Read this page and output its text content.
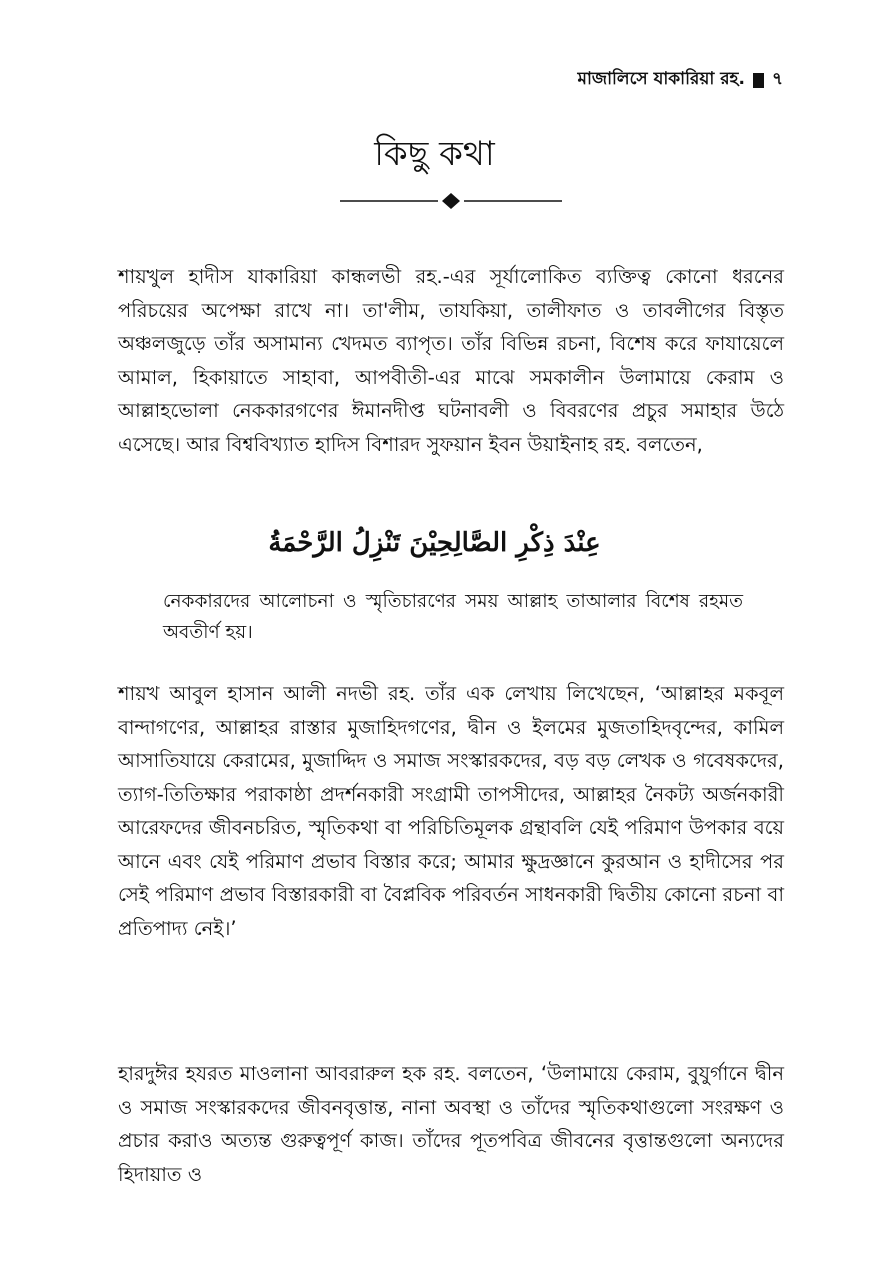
মাজালিসে যাকারিয়া রহ. ৭
কিছু কথা
শায়খুল হাদীস যাকারিয়া কান্ধলভী রহ.-এর সূর্যালোকিত ব্যক্তিত্ব কোনো ধরনের পরিচয়ের অপেক্ষা রাখে না। তা'লীম, তাযকিয়া, তালীফাত ও তাবলীগের বিস্তৃত অঞ্চলজুড়ে তাঁর অসামান্য খেদমত ব্যাপৃত। তাঁর বিভিন্ন রচনা, বিশেষ করে ফাযায়েলে আমাল, হিকায়াতে সাহাবা, আপবীতী-এর মাঝে সমকালীন উলামায়ে কেরাম ও আল্লাহভোলা নেককারগণের ঈমানদীপ্ত ঘটনাবলী ও বিবরণের প্রচুর সমাহার উঠে এসেছে। আর বিশ্ববিখ্যাত হাদিস বিশারদ সুফয়ান ইবন উয়াইনাহ রহ. বলতেন,
عِنْدَ ذِكْرِ الصَّالِحِيْنَ تَنْزِلُ الرَّحْمَةُ
নেককারদের আলোচনা ও স্মৃতিচারণের সময় আল্লাহ তাআলার বিশেষ রহমত অবতীর্ণ হয়।
শায়খ আবুল হাসান আলী নদভী রহ. তাঁর এক লেখায় লিখেছেন, ‘আল্লাহর মকবূল বান্দাগণের, আল্লাহর রাস্তার মুজাহিদগণের, দ্বীন ও ইলমের মুজতাহিদবৃন্দের, কামিল আসাতিযায়ে কেরামের, মুজাদ্দিদ ও সমাজ সংস্কারকদের, বড় বড় লেখক ও গবেষকদের, ত্যাগ-তিতিক্ষার পরাকাষ্ঠা প্রদর্শনকারী সংগ্রামী তাপসীদের, আল্লাহর নৈকট্য অর্জনকারী আরেফদের জীবনচরিত, স্মৃতিকথা বা পরিচিতিমূলক গ্রন্থাবলি যেই পরিমাণ উপকার বয়ে আনে এবং যেই পরিমাণ প্রভাব বিস্তার করে; আমার ক্ষুদ্রজ্ঞানে কুরআন ও হাদীসের পর সেই পরিমাণ প্রভাব বিস্তারকারী বা বৈপ্লবিক পরিবর্তন সাধনকারী দ্বিতীয় কোনো রচনা বা প্রতিপাদ্য নেই।’
হারদুঈর হযরত মাওলানা আবরারুল হক রহ. বলতেন, ‘উলামায়ে কেরাম, বুযুর্গানে দ্বীন ও সমাজ সংস্কারকদের জীবনবৃত্তান্ত, নানা অবস্থা ও তাঁদের স্মৃতিকথাগুলো সংরক্ষণ ও প্রচার করাও অত্যন্ত গুরুত্বপূর্ণ কাজ। তাঁদের পূতপবিত্র জীবনের বৃত্তান্তগুলো অন্যদের হিদায়াত ও
